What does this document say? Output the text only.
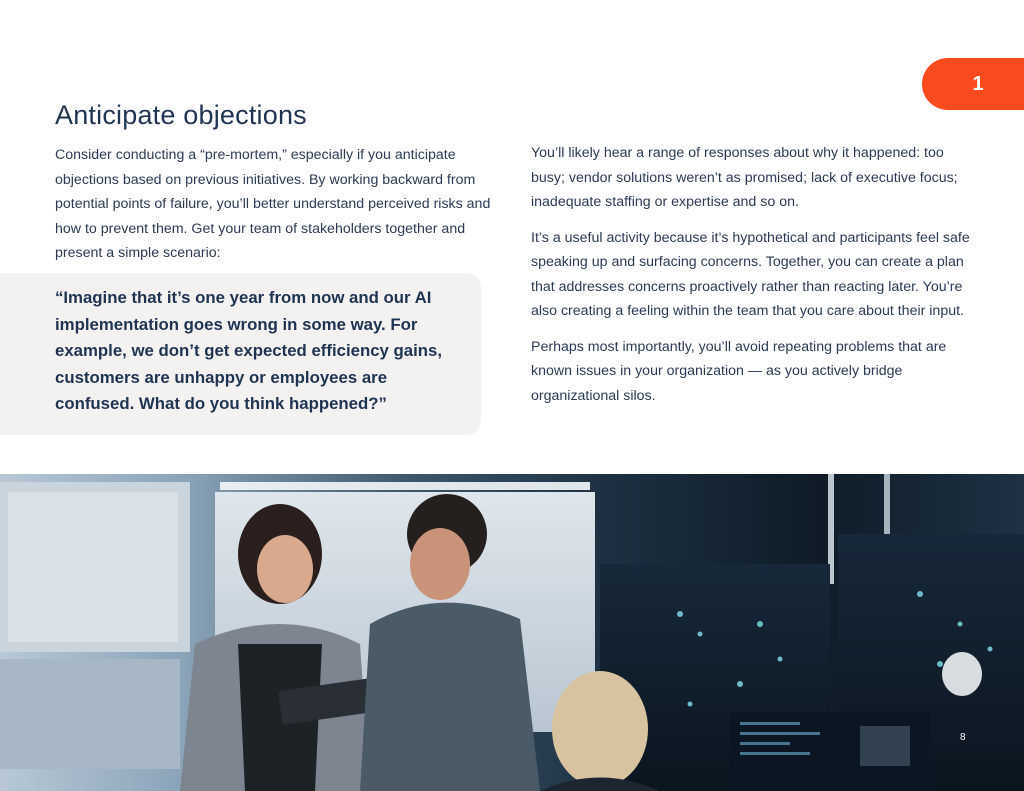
1
Anticipate objections

Consider conducting a “pre-mortem,” especially if you anticipate objections based on previous initiatives. By working backward from potential points of failure, you’ll better understand perceived risks and how to prevent them. Get your team of stakeholders together and present a simple scenario:

“Imagine that it’s one year from now and our AI implementation goes wrong in some way. For example, we don’t get expected efficiency gains, customers are unhappy or employees are confused. What do you think happened?”

You’ll likely hear a range of responses about why it happened: too busy; vendor solutions weren’t as promised; lack of executive focus; inadequate staffing or expertise and so on.

It’s a useful activity because it’s hypothetical and participants feel safe speaking up and surfacing concerns. Together, you can create a plan that addresses concerns proactively rather than reacting later. You’re also creating a feeling within the team that you care about their input.

Perhaps most importantly, you’ll avoid repeating problems that are known issues in your organization — as you actively bridge organizational silos.

8
